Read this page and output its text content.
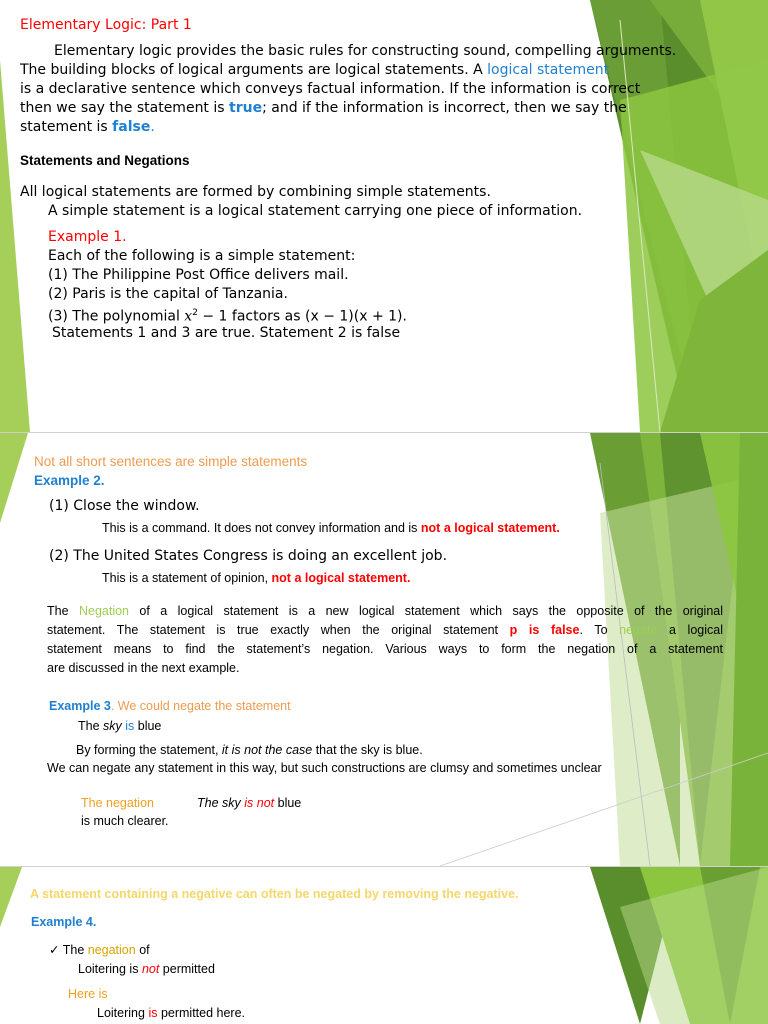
Elementary Logic: Part 1
Elementary logic provides the basic rules for constructing sound, compelling arguments.
The building blocks of logical arguments are logical statements. A logical statement
is a declarative sentence which conveys factual information. If the information is correct
then we say the statement is true; and if the information is incorrect, then we say the
statement is false.
Statements and Negations
All logical statements are formed by combining simple statements.
A simple statement is a logical statement carrying one piece of information.
Example 1.
Each of the following is a simple statement:
(1) The Philippine Post Office delivers mail.
(2) Paris is the capital of Tanzania.
(3) The polynomial $x^2 - 1$ factors as (x − 1)(x + 1).
Statements 1 and 3 are true. Statement 2 is false
Not all short sentences are simple statements
Example 2.
(1) Close the window.
This is a command. It does not convey information and is not a logical statement.
(2) The United States Congress is doing an excellent job.
This is a statement of opinion, not a logical statement.
The Negation of a logical statement is a new logical statement which says the opposite of the original
statement. The statement is true exactly when the original statement p is false. To negate a logical
statement means to find the statement’s negation. Various ways to form the negation of a statement
are discussed in the next example.
Example 3. We could negate the statement
The sky is blue
By forming the statement, it is not the case that the sky is blue.
We can negate any statement in this way, but such constructions are clumsy and sometimes unclear
The negation	The sky is not blue
is much clearer.
A statement containing a negative can often be negated by removing the negative.
Example 4.
✓ The negation of
Loitering is not permitted
Here is
Loitering is permitted here.
